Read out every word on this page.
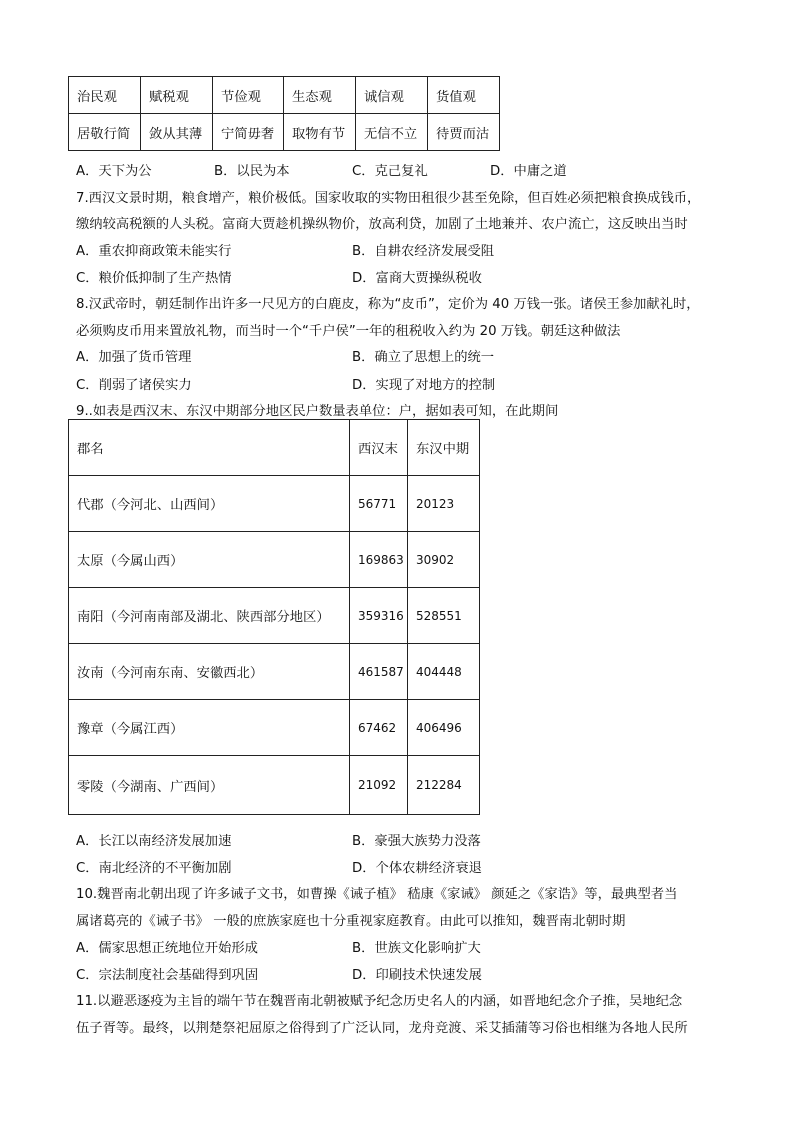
治民观	赋税观	节俭观	生态观	诚信观	货值观
居敬行简	敛从其薄	宁简毋奢	取物有节	无信不立	待贾而沽
A．天下为公	B．以民为本	C．克己复礼	D．中庸之道
7.西汉文景时期，粮食增产，粮价极低。国家收取的实物田租很少甚至免除，但百姓必须把粮食换成钱币，
缴纳较高税额的人头税。富商大贾趁机操纵物价，放高利贷，加剧了土地兼并、农户流亡，这反映出当时
A．重农抑商政策未能实行	B．自耕农经济发展受阻
C．粮价低抑制了生产热情	D．富商大贾操纵税收
8.汉武帝时，朝廷制作出许多一尺见方的白鹿皮，称为“皮币”，定价为 40 万钱一张。诸侯王参加献礼时，
必须购皮币用来置放礼物，而当时一个“千户侯”一年的租税收入约为 20 万钱。朝廷这种做法
A．加强了货币管理	B．确立了思想上的统一
C．削弱了诸侯实力	D．实现了对地方的控制
9..如表是西汉末、东汉中期部分地区民户数量表单位：户，据如表可知，在此期间
郡名	西汉末	东汉中期
代郡（今河北、山西间）	56771	20123
太原（今属山西）	169863	30902
南阳（今河南南部及湖北、陕西部分地区）	359316	528551
汝南（今河南东南、安徽西北）	461587	404448
豫章（今属江西）	67462	406496
零陵（今湖南、广西间）	21092	212284
A．长江以南经济发展加速	B．豪强大族势力没落
C．南北经济的不平衡加剧	D．个体农耕经济衰退
10.魏晋南北朝出现了许多诫子文书，如曹操《诫子植》 嵇康《家诫》 颜延之《家诰》等，最典型者当
属诸葛亮的《诫子书》 一般的庶族家庭也十分重视家庭教育。由此可以推知，魏晋南北朝时期
A．儒家思想正统地位开始形成	B．世族文化影响扩大
C．宗法制度社会基础得到巩固	D．印刷技术快速发展
11.以避恶逐疫为主旨的端午节在魏晋南北朝被赋予纪念历史名人的内涵，如晋地纪念介子推，吴地纪念
伍子胥等。最终，以荆楚祭祀屈原之俗得到了广泛认同，龙舟竞渡、采艾插蒲等习俗也相继为各地人民所
